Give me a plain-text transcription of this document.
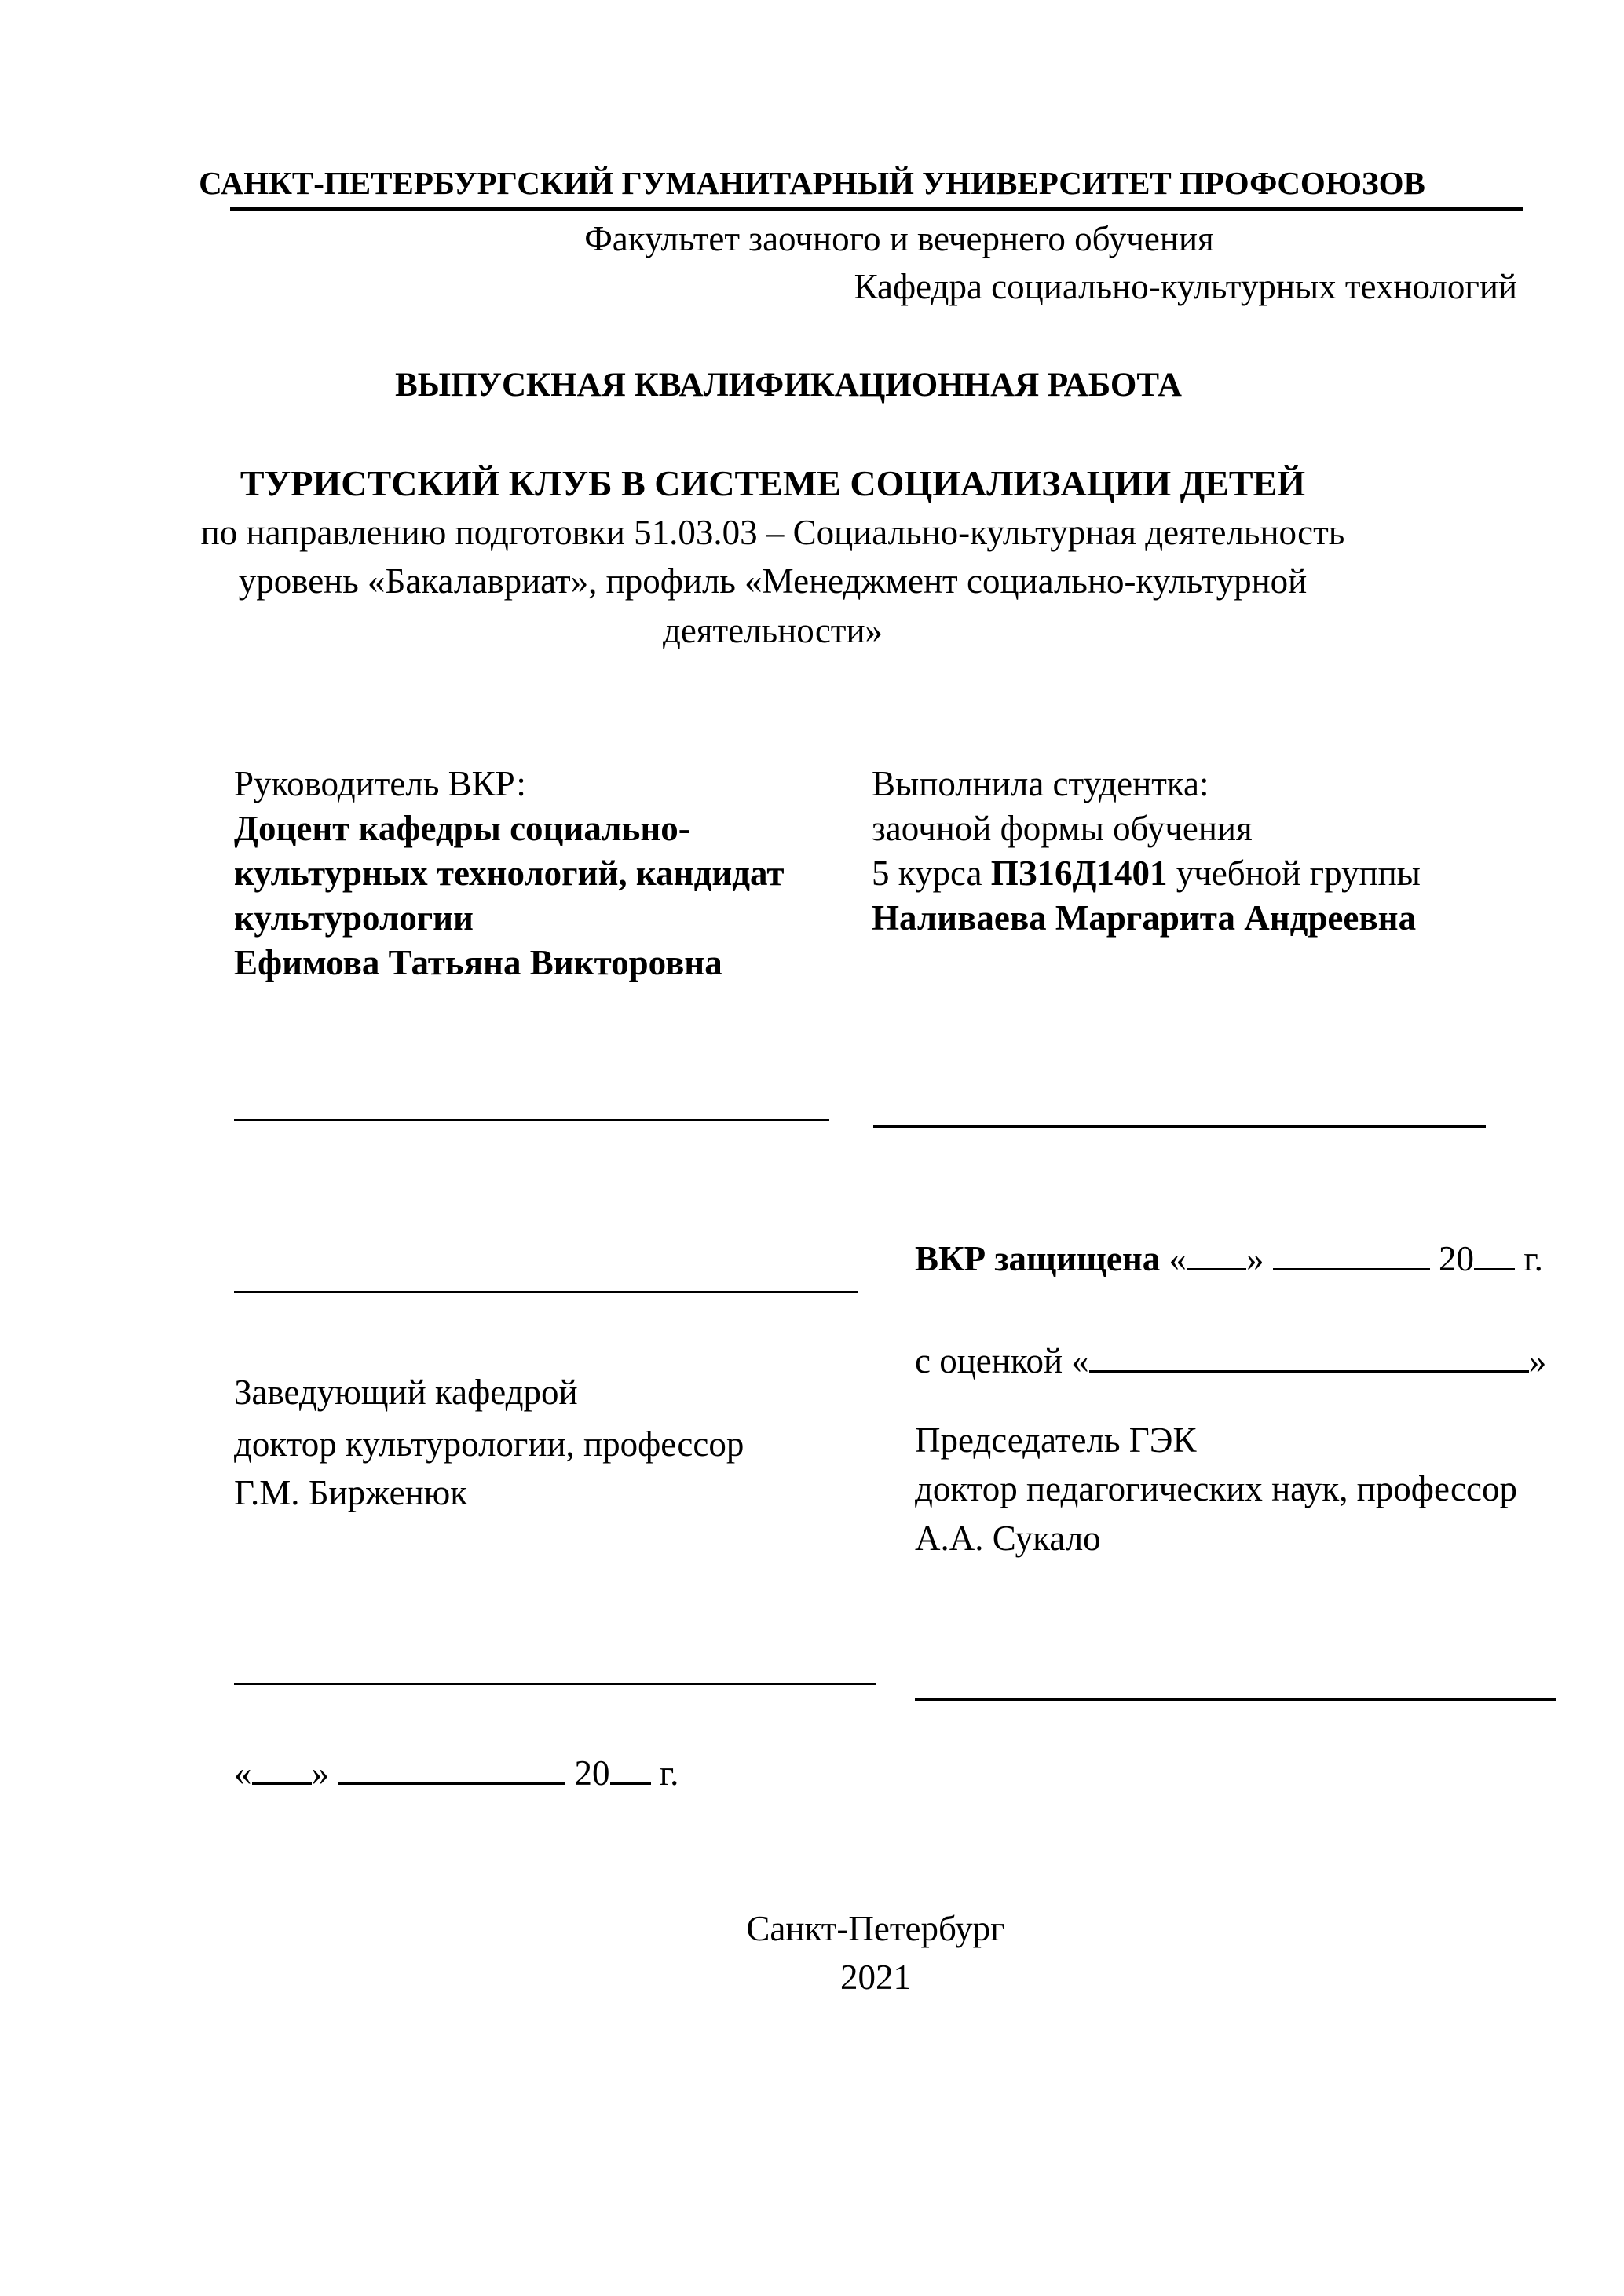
САНКТ-ПЕТЕРБУРГСКИЙ ГУМАНИТАРНЫЙ УНИВЕРСИТЕТ ПРОФСОЮЗОВ
Факультет заочного и вечернего обучения
Кафедра социально-культурных технологий
ВЫПУСКНАЯ КВАЛИФИКАЦИОННАЯ РАБОТА
ТУРИСТСКИЙ КЛУБ В СИСТЕМЕ СОЦИАЛИЗАЦИИ ДЕТЕЙ
по направлению подготовки 51.03.03 – Социально-культурная деятельность
уровень «Бакалавриат», профиль «Менеджмент социально-культурной
деятельности»
Руководитель ВКР:
Доцент кафедры социально-
культурных технологий, кандидат
культурологии
Ефимова Татьяна Викторовна
Выполнила студентка:
заочной формы обучения
5 курса ПЗ16Д1401 учебной группы
Наливаева Маргарита Андреевна
ВКР защищена « »	20 г.
с оценкой «	»
Заведующий кафедрой
доктор культурологии, профессор
Г.М. Бирженюк
Председатель ГЭК
доктор педагогических наук, профессор
А.А. Сукало
« »	20 г.
Санкт-Петербург
2021
